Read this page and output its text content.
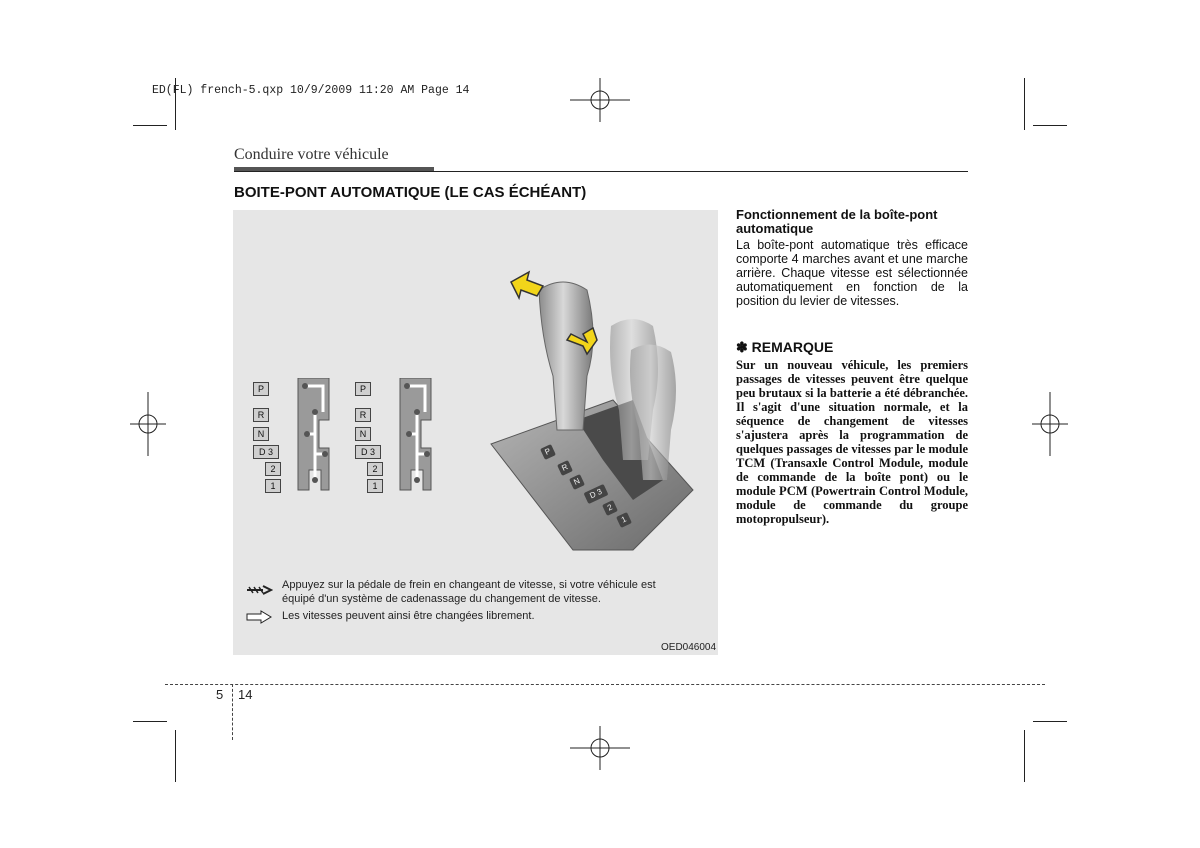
ED(FL) french-5.qxp 10/9/2009 11:20 AM Page 14
Conduire votre véhicule
BOITE-PONT AUTOMATIQUE (LE CAS ÉCHÉANT)
P
R
N
D 3
2
1
P
R
N
D 3
2
1
P
R
N
D 3
2
1
Appuyez sur la pédale de frein en changeant de vitesse, si votre véhicule est
équipé d'un système de cadenassage du changement de vitesse.
Les vitesses peuvent ainsi être changées librement.
OED046004
Fonctionnement de la boîte-pont
automatique
La boîte-pont automatique très efficace comporte 4 marches avant et une marche arrière. Chaque vitesse est sélectionnée automatiquement en fonction de la position du levier de vitesses.
✽ REMARQUE
Sur un nouveau véhicule, les premiers passages de vitesses peuvent être quelque peu brutaux si la batterie a été débranchée. Il s'agit d'une situation normale, et la séquence de changement de vitesses s'ajustera après la programmation de quelques passages de vitesses par le module TCM (Transaxle Control Module, module de commande de la boîte pont) ou le module PCM (Powertrain Control Module, module de commande du groupe motopropulseur).
5 14
